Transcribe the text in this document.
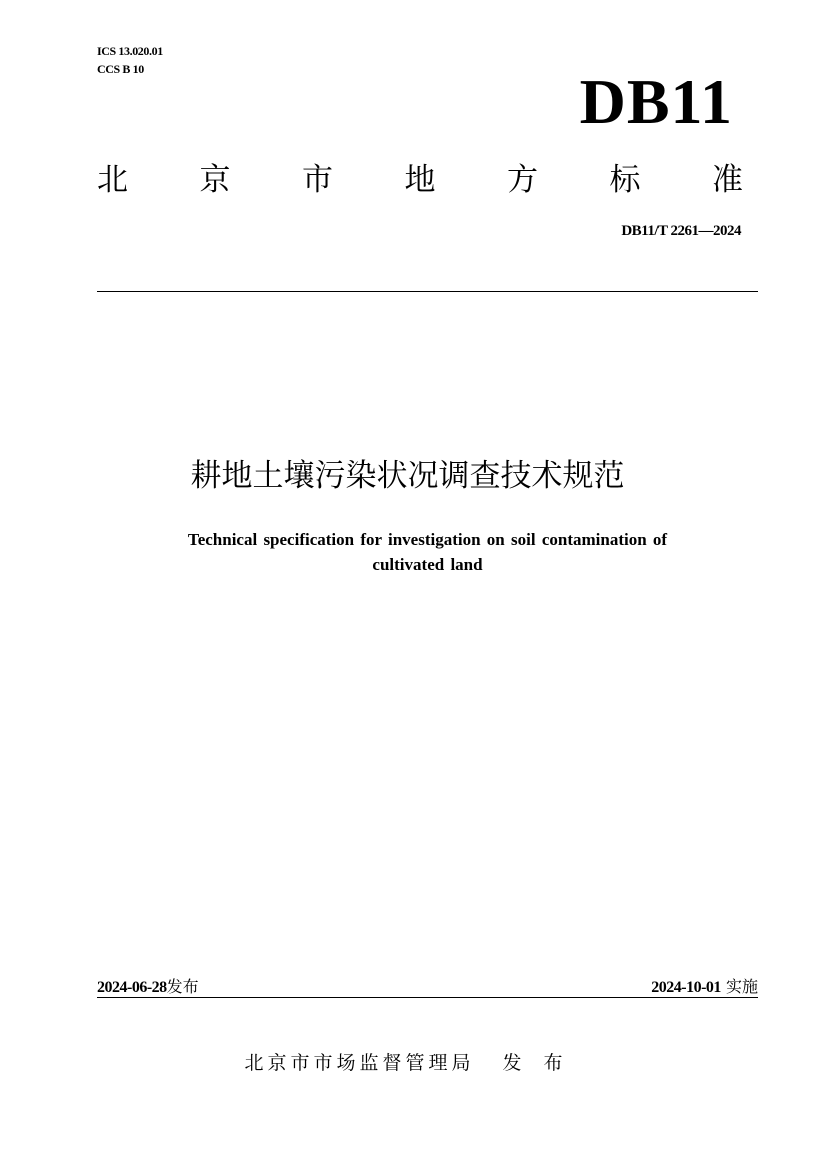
ICS 13.020.01
CCS B 10	DB11
北 京 市 地 方 标 准
DB11/T 2261—2024
耕地土壤污染状况调查技术规范
Technical specification for investigation on soil contamination of
cultivated land
2024-06-28发布	2024-10-01 实施
北京市市场监督管理局 发 布
